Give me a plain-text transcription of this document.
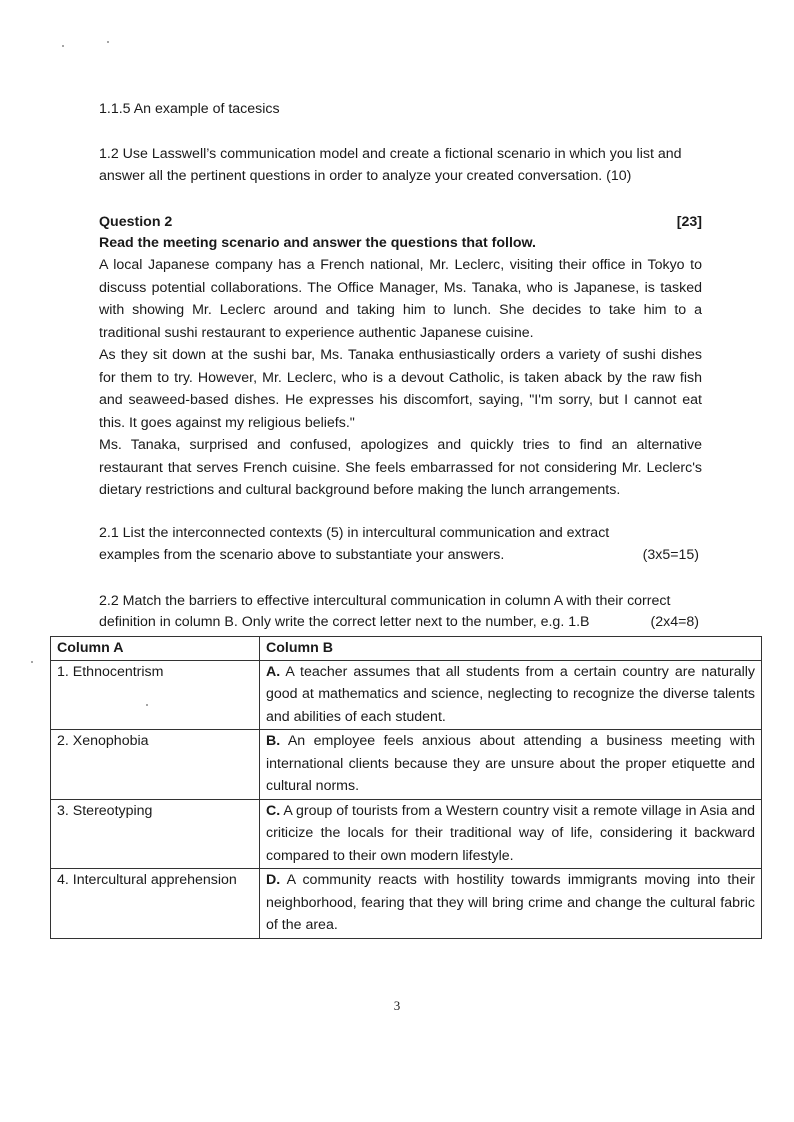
1.1.5 An example of tacesics

1.2 Use Lasswell’s communication model and create a fictional scenario in which you list and

answer all the pertinent questions in order to analyze your created conversation. (10)

Question 2	[23]

Read the meeting scenario and answer the questions that follow.

A local Japanese company has a French national, Mr. Leclerc, visiting their office in Tokyo to
discuss potential collaborations. The Office Manager, Ms. Tanaka, who is Japanese, is tasked
with showing Mr. Leclerc around and taking him to lunch. She decides to take him to a
traditional sushi restaurant to experience authentic Japanese cuisine.
As they sit down at the sushi bar, Ms. Tanaka enthusiastically orders a variety of sushi dishes
for them to try. However, Mr. Leclerc, who is a devout Catholic, is taken aback by the raw fish
and seaweed-based dishes. He expresses his discomfort, saying, "I'm sorry, but I cannot eat
this. It goes against my religious beliefs."
Ms. Tanaka, surprised and confused, apologizes and quickly tries to find an alternative
restaurant that serves French cuisine. She feels embarrassed for not considering Mr. Leclerc's
dietary restrictions and cultural background before making the lunch arrangements.

2.1 List the interconnected contexts (5) in intercultural communication and extract

examples from the scenario above to substantiate your answers.	(3x5=15)

2.2 Match the barriers to effective intercultural communication in column A with their correct

definition in column B. Only write the correct letter next to the number, e.g. 1.B	(2x4=8)
Column A	Column B
1. Ethnocentrism	A. A teacher assumes that all students from a certain country are naturally good at mathematics and science, neglecting to recognize the diverse talents and abilities of each student.
2. Xenophobia	B. An employee feels anxious about attending a business meeting with international clients because they are unsure about the proper etiquette and cultural norms.
3. Stereotyping	C. A group of tourists from a Western country visit a remote village in Asia and criticize the locals for their traditional way of life, considering it backward compared to their own modern lifestyle.
4. Intercultural apprehension	D. A community reacts with hostility towards immigrants moving into their neighborhood, fearing that they will bring crime and change the cultural fabric of the area.
3
